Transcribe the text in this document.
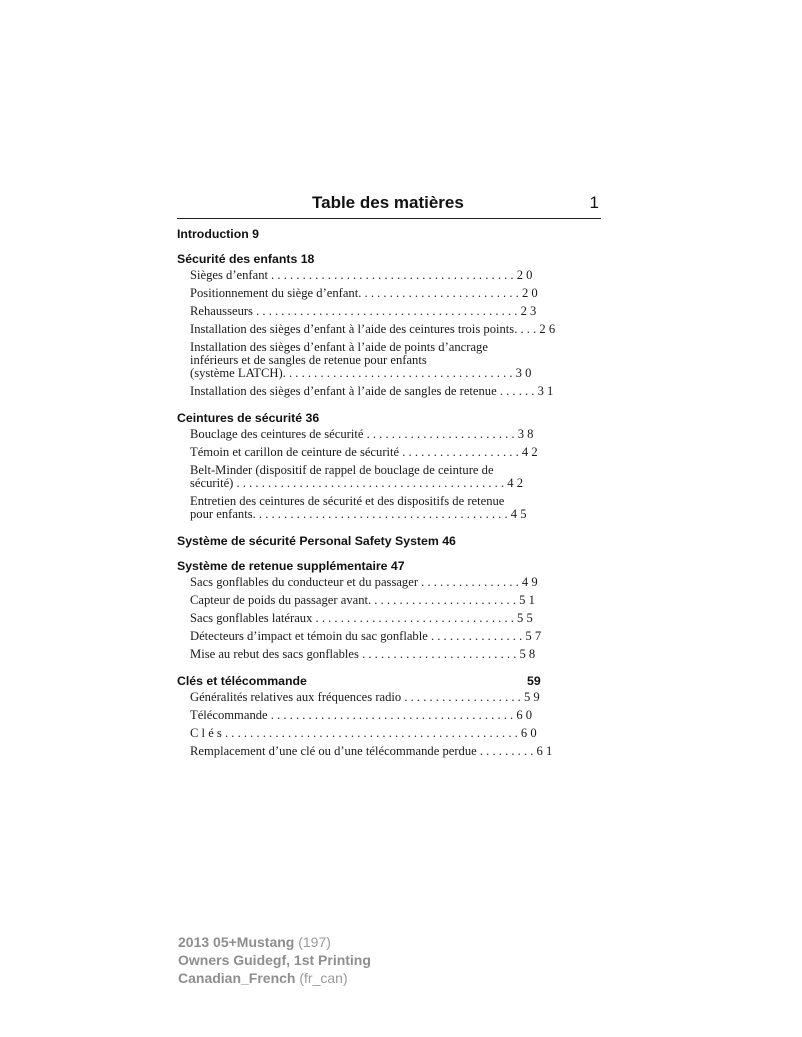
Table des matières	1
Introduction 9
Sécurité des enfants 18
Sièges d’enfant . . . . . . . . . . . . . . . . . . . . . . . . . . . . . . . . . . . . . . . 2 0
Positionnement du siège d’enfant. . . . . . . . . . . . . . . . . . . . . . . . . . 2 0
Rehausseurs . . . . . . . . . . . . . . . . . . . . . . . . . . . . . . . . . . . . . . . . . . 2 3
Installation des sièges d’enfant à l’aide des ceintures trois points. . . . 2 6
Installation des sièges d’enfant à l’aide de points d’ancrage
inférieurs et de sangles de retenue pour enfants
(système LATCH). . . . . . . . . . . . . . . . . . . . . . . . . . . . . . . . . . . . . 3 0
Installation des sièges d’enfant à l’aide de sangles de retenue . . . . . . 3 1
Ceintures de sécurité 36
Bouclage des ceintures de sécurité . . . . . . . . . . . . . . . . . . . . . . . . 3 8
Témoin et carillon de ceinture de sécurité . . . . . . . . . . . . . . . . . . . 4 2
Belt-Minder (dispositif de rappel de bouclage de ceinture de
sécurité) . . . . . . . . . . . . . . . . . . . . . . . . . . . . . . . . . . . . . . . . . . . 4 2
Entretien des ceintures de sécurité et des dispositifs de retenue
pour enfants. . . . . . . . . . . . . . . . . . . . . . . . . . . . . . . . . . . . . . . . . 4 5
Système de sécurité Personal Safety System 46
Système de retenue supplémentaire 47
Sacs gonflables du conducteur et du passager . . . . . . . . . . . . . . . . 4 9
Capteur de poids du passager avant. . . . . . . . . . . . . . . . . . . . . . . . 5 1
Sacs gonflables latéraux . . . . . . . . . . . . . . . . . . . . . . . . . . . . . . . . 5 5
Détecteurs d’impact et témoin du sac gonflable . . . . . . . . . . . . . . . 5 7
Mise au rebut des sacs gonflables . . . . . . . . . . . . . . . . . . . . . . . . . 5 8
Clés et télécommande	59
Généralités relatives aux fréquences radio . . . . . . . . . . . . . . . . . . . 5 9
Télécommande . . . . . . . . . . . . . . . . . . . . . . . . . . . . . . . . . . . . . . . 6 0
C l é s . . . . . . . . . . . . . . . . . . . . . . . . . . . . . . . . . . . . . . . . . . . . . . . 6 0
Remplacement d’une clé ou d’une télécommande perdue . . . . . . . . . 6 1
2013 05+Mustang (197)
Owners Guidegf, 1st Printing
Canadian_French (fr_can)
